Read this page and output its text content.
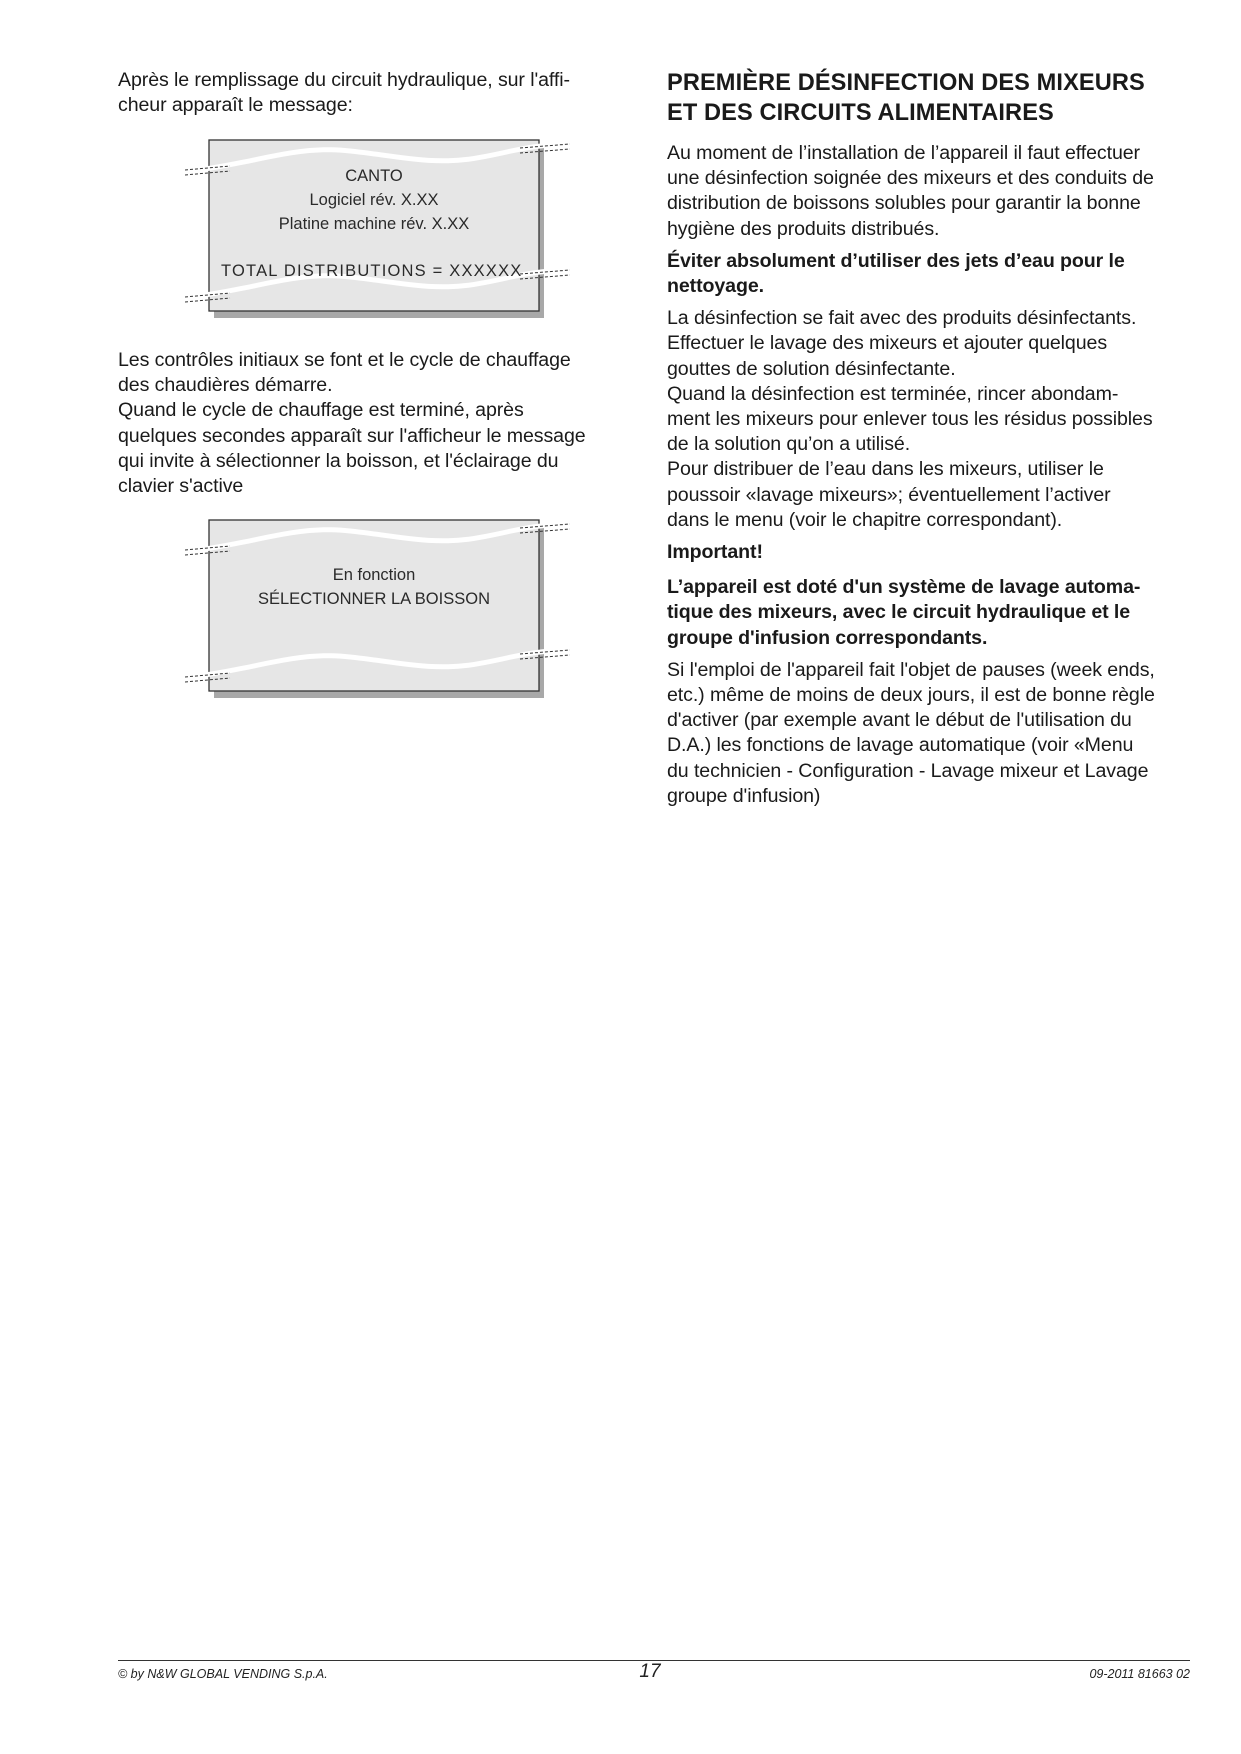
Après le remplissage du circuit hydraulique, sur l'affi-
cheur apparaît le message:

CANTO
Logiciel rév. X.XX
Platine machine rév. X.XX
TOTAL DISTRIBUTIONS = XXXXXX

Les contrôles initiaux se font et le cycle de chauffage
des chaudières démarre.
Quand le cycle de chauffage est terminé, après
quelques secondes apparaît sur l'afficheur le message
qui invite à sélectionner la boisson, et l'éclairage du
clavier s'active

En fonction
SÉLECTIONNER LA BOISSON
PREMIÈRE DÉSINFECTION DES MIXEURS
ET DES CIRCUITS ALIMENTAIRES

Au moment de l’installation de l’appareil il faut effectuer
une désinfection soignée des mixeurs et des conduits de
distribution de boissons solubles pour garantir la bonne
hygiène des produits distribués.

Éviter absolument d’utiliser des jets d’eau pour le
nettoyage.

La désinfection se fait avec des produits désinfectants.
Effectuer le lavage des mixeurs et ajouter quelques
gouttes de solution désinfectante.
Quand la désinfection est terminée, rincer abondam-
ment les mixeurs pour enlever tous les résidus possibles
de la solution qu’on a utilisé.
Pour distribuer de l’eau dans les mixeurs, utiliser le
poussoir «lavage mixeurs»; éventuellement l’activer
dans le menu (voir le chapitre correspondant).

Important!

L’appareil est doté d'un système de lavage automa-
tique des mixeurs, avec le circuit hydraulique et le
groupe d'infusion correspondants.

Si l'emploi de l'appareil fait l'objet de pauses (week ends,
etc.) même de moins de deux jours, il est de bonne règle
d'activer (par exemple avant le début de l'utilisation du
D.A.) les fonctions de lavage automatique (voir «Menu
du technicien - Configuration - Lavage mixeur et Lavage
groupe d'infusion)

© by N&W GLOBAL VENDING S.p.A.	17	09-2011 81663 02
